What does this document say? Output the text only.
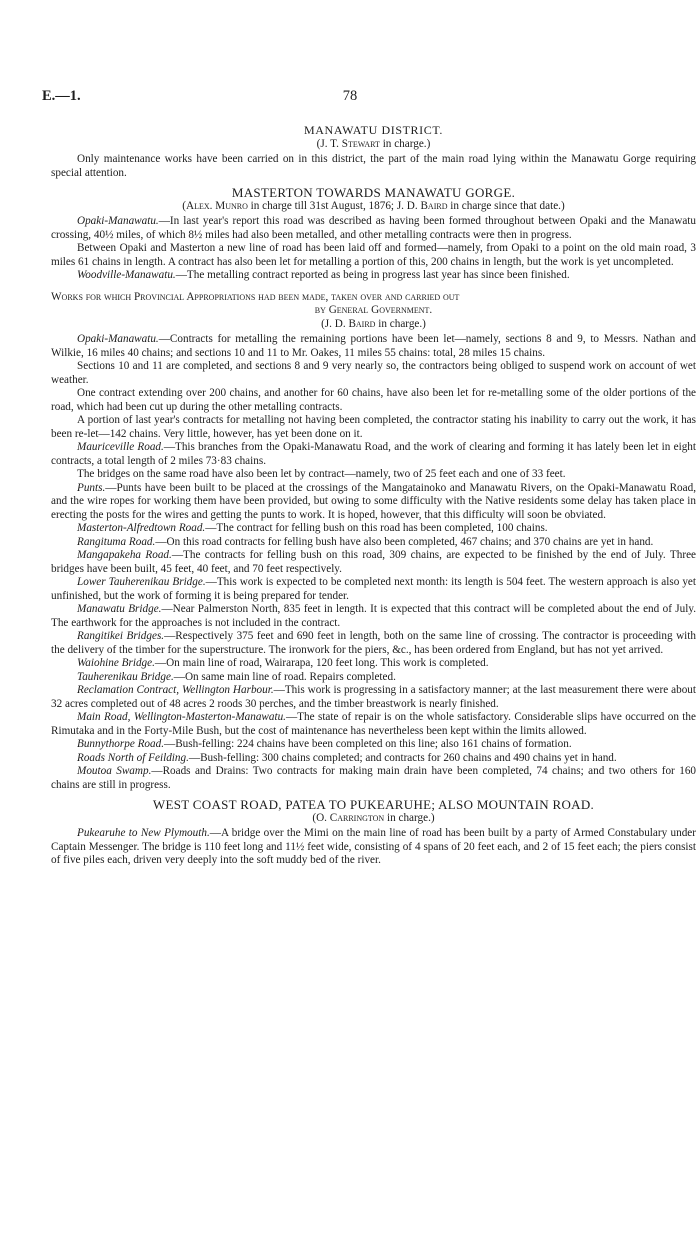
E.—1.	78
MANAWATU DISTRICT.
(J. T. Stewart in charge.)

Only maintenance works have been carried on in this district, the part of the main road lying within the Manawatu Gorge requiring special attention.

MASTERTON TOWARDS MANAWATU GORGE.
(Alex. Munro in charge till 31st August, 1876; J. D. Baird in charge since that date.)

Opaki-Manawatu.—In last year's report this road was described as having been formed throughout between Opaki and the Manawatu crossing, 40½ miles, of which 8½ miles had also been metalled, and other metalling contracts were then in progress.

Between Opaki and Masterton a new line of road has been laid off and formed—namely, from Opaki to a point on the old main road, 3 miles 61 chains in length. A contract has also been let for metalling a portion of this, 200 chains in length, but the work is yet uncompleted.

Woodville-Manawatu.—The metalling contract reported as being in progress last year has since been finished.

Works for which Provincial Appropriations had been made, taken over and carried out

by General Government.
(J. D. Baird in charge.)

Opaki-Manawatu.—Contracts for metalling the remaining portions have been let—namely, sections 8 and 9, to Messrs. Nathan and Wilkie, 16 miles 40 chains; and sections 10 and 11 to Mr. Oakes, 11 miles 55 chains: total, 28 miles 15 chains.

Sections 10 and 11 are completed, and sections 8 and 9 very nearly so, the contractors being obliged to suspend work on account of wet weather.

One contract extending over 200 chains, and another for 60 chains, have also been let for re-metalling some of the older portions of the road, which had been cut up during the other metalling contracts.

A portion of last year's contracts for metalling not having been completed, the contractor stating his inability to carry out the work, it has been re-let—142 chains. Very little, however, has yet been done on it.

Mauriceville Road.—This branches from the Opaki-Manawatu Road, and the work of clearing and forming it has lately been let in eight contracts, a total length of 2 miles 73·83 chains.

The bridges on the same road have also been let by contract—namely, two of 25 feet each and one of 33 feet.

Punts.—Punts have been built to be placed at the crossings of the Mangatainoko and Manawatu Rivers, on the Opaki-Manawatu Road, and the wire ropes for working them have been provided, but owing to some difficulty with the Native residents some delay has taken place in erecting the posts for the wires and getting the punts to work. It is hoped, however, that this difficulty will soon be obviated.

Masterton-Alfredtown Road.—The contract for felling bush on this road has been completed, 100 chains.

Rangituma Road.—On this road contracts for felling bush have also been completed, 467 chains; and 370 chains are yet in hand.

Mangapakeha Road.—The contracts for felling bush on this road, 309 chains, are expected to be finished by the end of July. Three bridges have been built, 45 feet, 40 feet, and 70 feet respectively.

Lower Tauherenikau Bridge.—This work is expected to be completed next month: its length is 504 feet. The western approach is also yet unfinished, but the work of forming it is being prepared for tender.

Manawatu Bridge.—Near Palmerston North, 835 feet in length. It is expected that this contract will be completed about the end of July. The earthwork for the approaches is not included in the contract.

Rangitikei Bridges.—Respectively 375 feet and 690 feet in length, both on the same line of crossing. The contractor is proceeding with the delivery of the timber for the superstructure. The ironwork for the piers, &c., has been ordered from England, but has not yet arrived.

Waiohine Bridge.—On main line of road, Wairarapa, 120 feet long. This work is completed.

Tauherenikau Bridge.—On same main line of road. Repairs completed.

Reclamation Contract, Wellington Harbour.—This work is progressing in a satisfactory manner; at the last measurement there were about 32 acres completed out of 48 acres 2 roods 30 perches, and the timber breastwork is nearly finished.

Main Road, Wellington-Masterton-Manawatu.—The state of repair is on the whole satisfactory. Considerable slips have occurred on the Rimutaka and in the Forty-Mile Bush, but the cost of maintenance has nevertheless been kept within the limits allowed.

Bunnythorpe Road.—Bush-felling: 224 chains have been completed on this line; also 161 chains of formation.

Roads North of Feilding.—Bush-felling: 300 chains completed; and contracts for 260 chains and 490 chains yet in hand.

Moutoa Swamp.—Roads and Drains: Two contracts for making main drain have been completed, 74 chains; and two others for 160 chains are still in progress.

WEST COAST ROAD, PATEA TO PUKEARUHE; ALSO MOUNTAIN ROAD.
(O. Carrington in charge.)

Pukearuhe to New Plymouth.—A bridge over the Mimi on the main line of road has been built by a party of Armed Constabulary under Captain Messenger. The bridge is 110 feet long and 11½ feet wide, consisting of 4 spans of 20 feet each, and 2 of 15 feet each; the piers consist of five piles each, driven very deeply into the soft muddy bed of the river.
